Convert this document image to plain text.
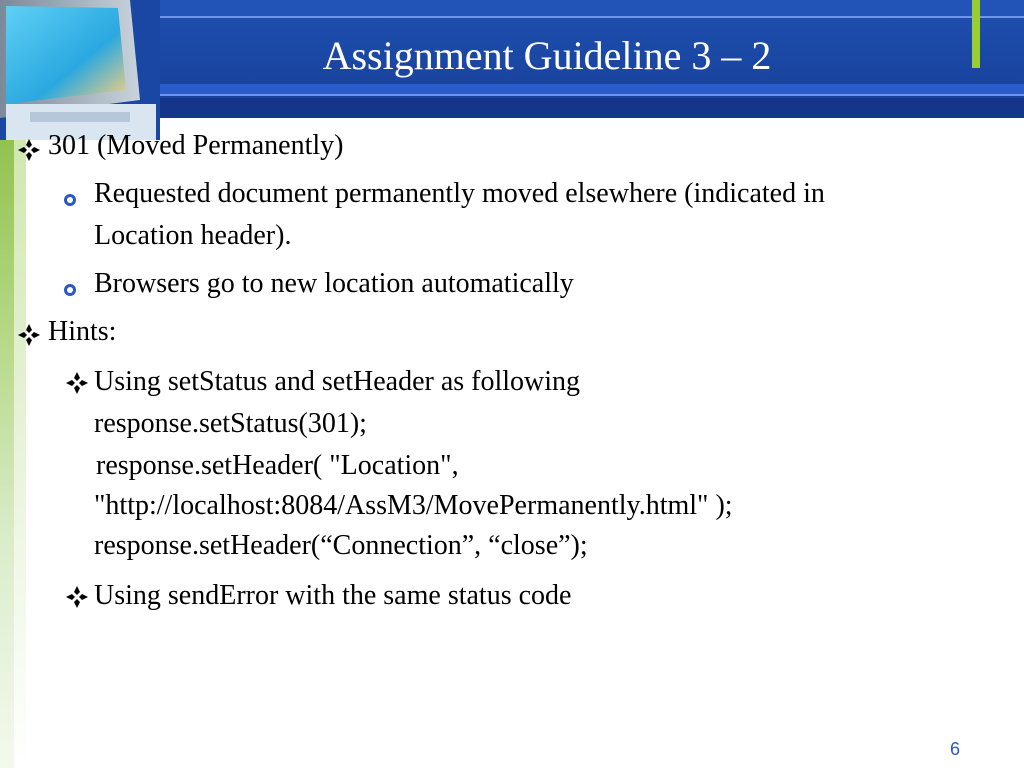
Assignment Guideline 3 – 2
301 (Moved Permanently)
Requested document permanently moved elsewhere (indicated in
Location header).
Browsers go to new location automatically
Hints:
Using setStatus and setHeader as following
response.setStatus(301);
response.setHeader( "Location",
"http://localhost:8084/AssM3/MovePermanently.html" );
response.setHeader(“Connection”, “close”);
Using sendError with the same status code
6
